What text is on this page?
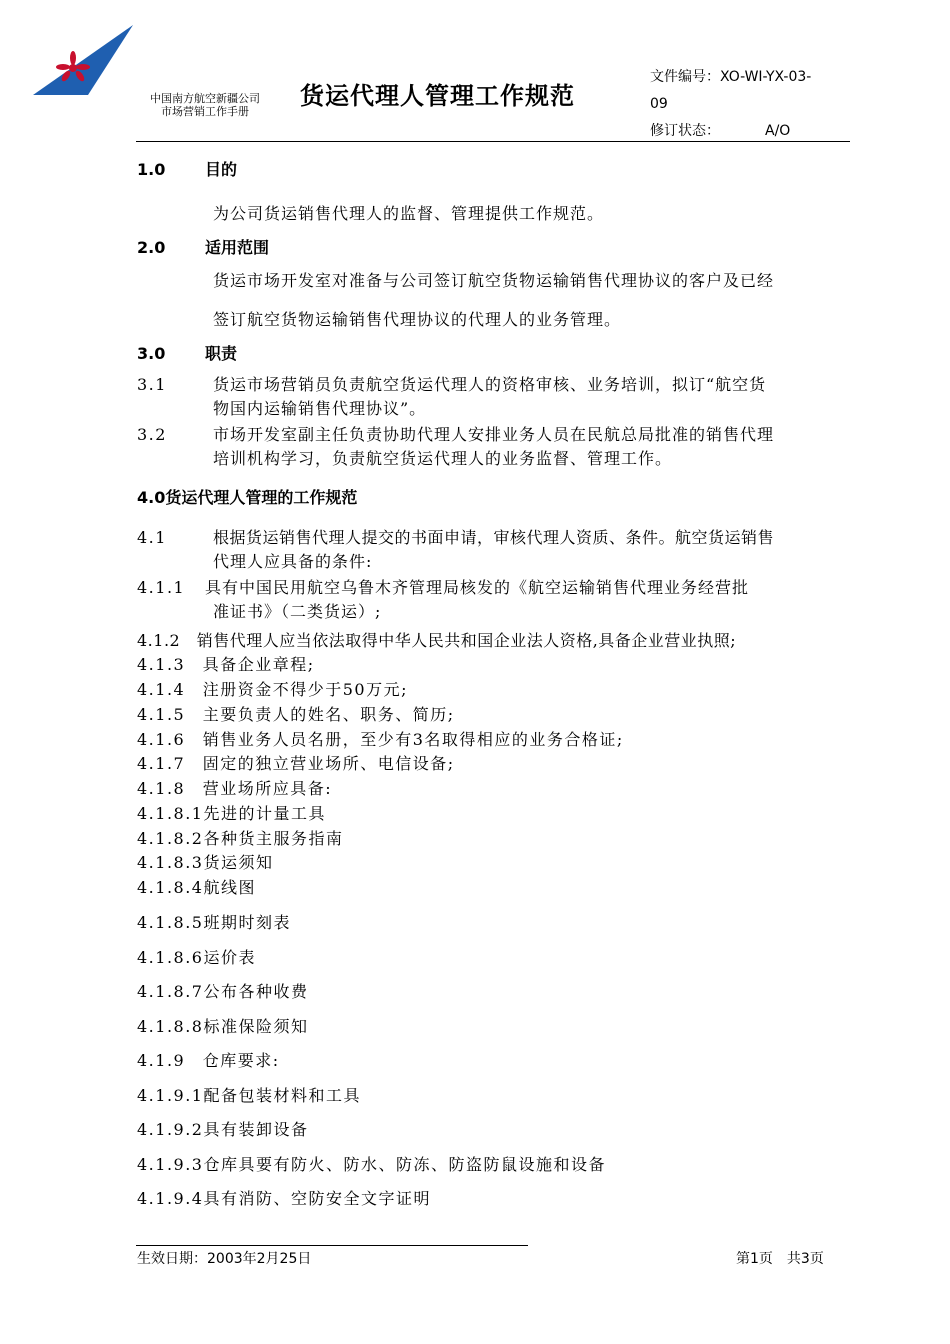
中国南方航空新疆公司
市场营销工作手册
货运代理人管理工作规范
文件编号：XO-WI-YX-03-
09
修订状态：	A/O
1.0 目的
为公司货运销售代理人的监督、管理提供工作规范。
2.0 适用范围
货运市场开发室对准备与公司签订航空货物运输销售代理协议的客户及已经
签订航空货物运输销售代理协议的代理人的业务管理。
3.0 职责
3.1	货运市场营销员负责航空货运代理人的资格审核、业务培训，拟订“航空货
物国内运输销售代理协议”。
3.2	市场开发室副主任负责协助代理人安排业务人员在民航总局批准的销售代理
培训机构学习，负责航空货运代理人的业务监督、管理工作。
4.0货运代理人管理的工作规范
4.1	根据货运销售代理人提交的书面申请，审核代理人资质、条件。航空货运销售
代理人应具备的条件:
4.1.1 具有中国民用航空乌鲁木齐管理局核发的《航空运输销售代理业务经营批
准证书》（二类货运）;
4.1.2　销售代理人应当依法取得中华人民共和国企业法人资格,具备企业营业执照;
4.1.3　具备企业章程;
4.1.4　注册资金不得少于50万元;
4.1.5　主要负责人的姓名、职务、简历;
4.1.6　销售业务人员名册，至少有3名取得相应的业务合格证;
4.1.7　固定的独立营业场所、电信设备;
4.1.8　营业场所应具备:
4.1.8.1先进的计量工具
4.1.8.2各种货主服务指南
4.1.8.3货运须知
4.1.8.4航线图
4.1.8.5班期时刻表
4.1.8.6运价表
4.1.8.7公布各种收费
4.1.8.8标准保险须知
4.1.9　仓库要求:
4.1.9.1配备包装材料和工具
4.1.9.2具有装卸设备
4.1.9.3仓库具要有防火、防水、防冻、防盗防鼠设施和设备
4.1.9.4具有消防、空防安全文字证明
生效日期：2003年2月25日	第1页　共3页
